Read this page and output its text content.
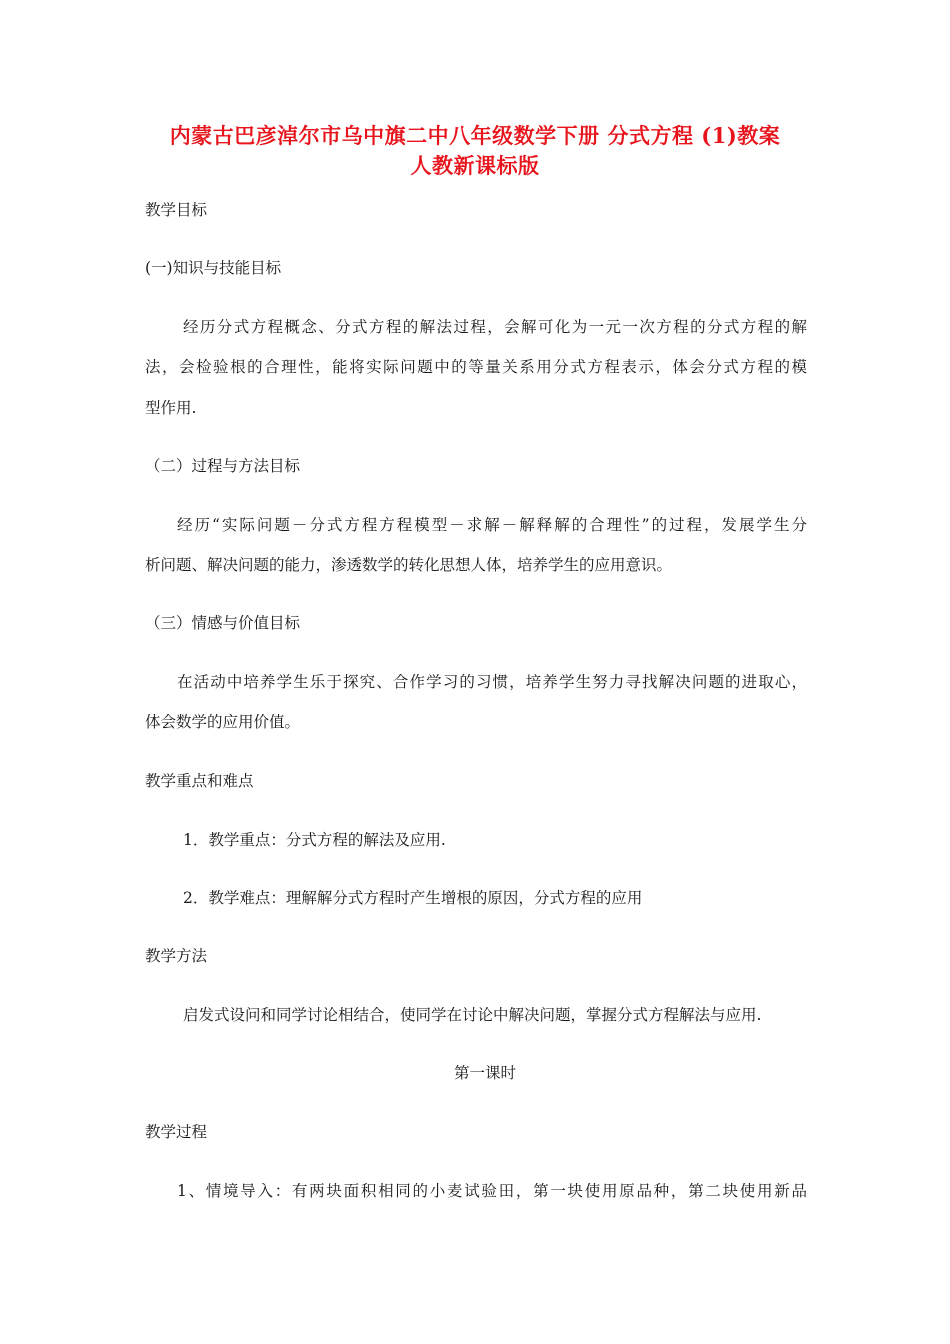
内蒙古巴彦淖尔市乌中旗二中八年级数学下册 分式方程 (1)教案
人教新课标版
教学目标
(一)知识与技能目标
经历分式方程概念、分式方程的解法过程，会解可化为一元一次方程的分式方程的解
法，会检验根的合理性，能将实际问题中的等量关系用分式方程表示，体会分式方程的模
型作用.
（二）过程与方法目标
经历“实际问题－分式方程方程模型－求解－解释解的合理性”的过程，发展学生分
析问题、解决问题的能力，渗透数学的转化思想人体，培养学生的应用意识。
（三）情感与价值目标
在活动中培养学生乐于探究、合作学习的习惯，培养学生努力寻找解决问题的进取心，
体会数学的应用价值。
教学重点和难点
1．教学重点：分式方程的解法及应用.
2．教学难点：理解解分式方程时产生增根的原因，分式方程的应用
教学方法
启发式设问和同学讨论相结合，使同学在讨论中解决问题，掌握分式方程解法与应用.
第一课时
教学过程
1、情境导入：有两块面积相同的小麦试验田，第一块使用原品种，第二块使用新品
